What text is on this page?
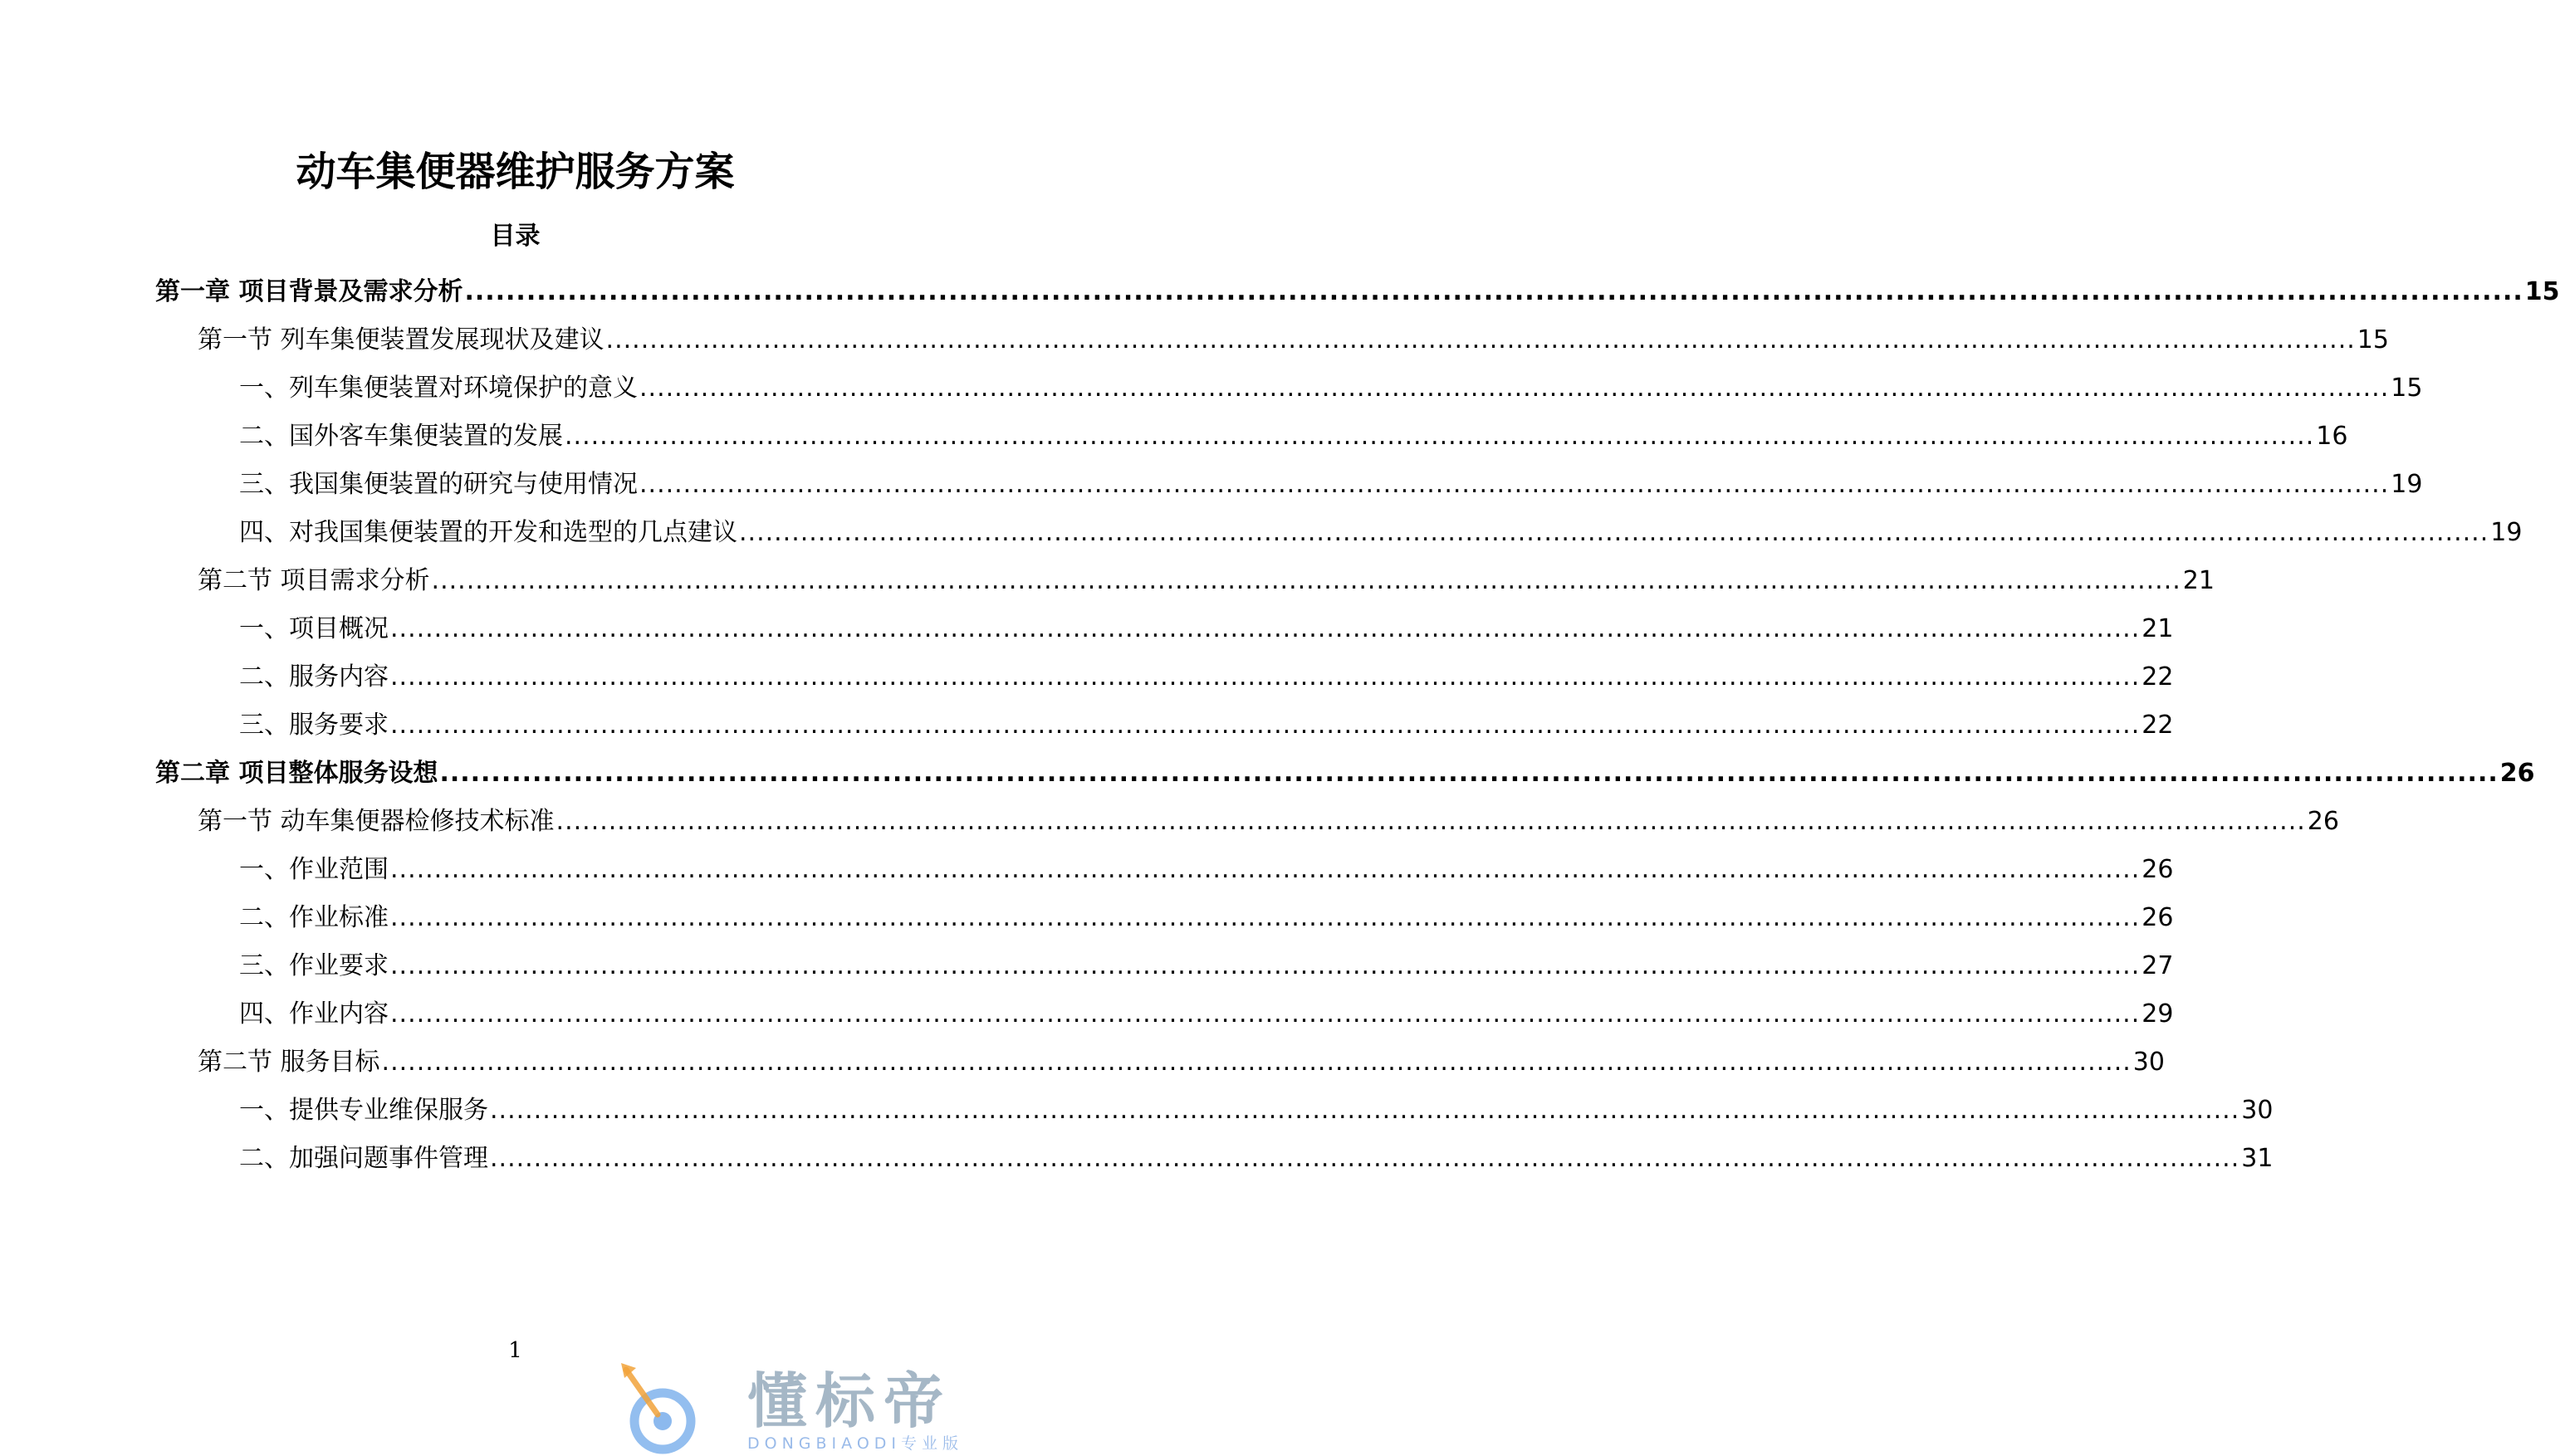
动车集便器维护服务方案
目录
第一章 项目背景及需求分析 ........................................................................................................................................................................................................ 15
第一节 列车集便装置发展现状及建议 ........................................................................................................................................................................................................ 15
一、列车集便装置对环境保护的意义 ........................................................................................................................................................................................................ 15
二、国外客车集便装置的发展 ........................................................................................................................................................................................................ 16
三、我国集便装置的研究与使用情况 ........................................................................................................................................................................................................ 19
四、对我国集便装置的开发和选型的几点建议 ........................................................................................................................................................................................................ 19
第二节 项目需求分析 ........................................................................................................................................................................................................ 21
一、项目概况 ........................................................................................................................................................................................................ 21
二、服务内容 ........................................................................................................................................................................................................ 22
三、服务要求 ........................................................................................................................................................................................................ 22
第二章 项目整体服务设想 ........................................................................................................................................................................................................ 26
第一节 动车集便器检修技术标准 ........................................................................................................................................................................................................ 26
一、作业范围 ........................................................................................................................................................................................................ 26
二、作业标准 ........................................................................................................................................................................................................ 26
三、作业要求 ........................................................................................................................................................................................................ 27
四、作业内容 ........................................................................................................................................................................................................ 29
第二节 服务目标 ........................................................................................................................................................................................................ 30
一、提供专业维保服务 ........................................................................................................................................................................................................ 30
二、加强问题事件管理 ........................................................................................................................................................................................................ 31
1
懂标帝
DONGBIAODI专业版
